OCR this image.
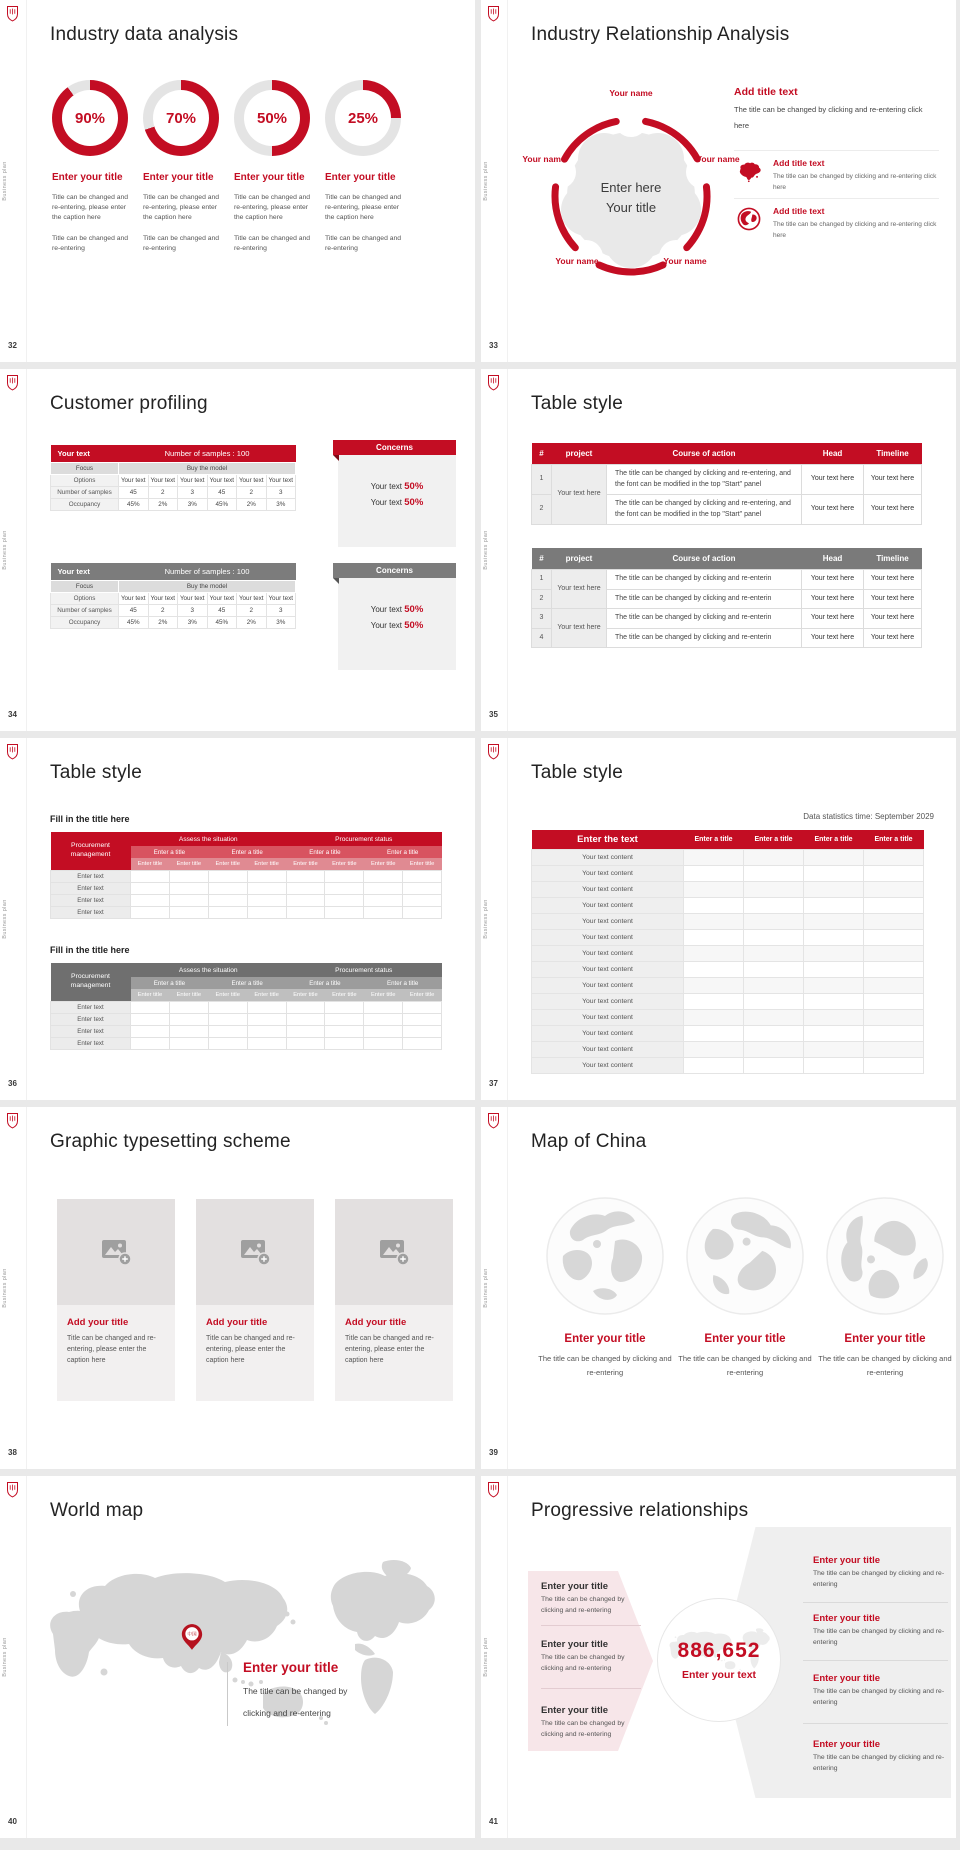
Business plan
Industry data analysis
90%
Enter your title
Title can be changed and re-entering, please enter the caption here
Title can be changed and re-entering
70%
Enter your title
Title can be changed and re-entering, please enter the caption here
Title can be changed and re-entering
50%
Enter your title
Title can be changed and re-entering, please enter the caption here
Title can be changed and re-entering
25%
Enter your title
Title can be changed and re-entering, please enter the caption here
Title can be changed and re-entering
32
Business plan
Industry Relationship Analysis
Your name
Your name
Your name
Your name
Your name
Enter here
Your title
Add title text
The title can be changed by clicking and re-entering click here
Add title text
The title can be changed by clicking and re-entering click here
Add title text
The title can be changed by clicking and re-entering click here
33
Business plan
Customer profiling
Your text	Number of samples : 100					
Focus	Buy the model					
Options	Your text	Your text	Your text	Your text	Your text	Your text
Number of samples	45	2	3	45	2	3
Occupancy	45%	2%	3%	45%	2%	3%
Your text	Number of samples : 100					
Focus	Buy the model					
Options	Your text	Your text	Your text	Your text	Your text	Your text
Number of samples	45	2	3	45	2	3
Occupancy	45%	2%	3%	45%	2%	3%
Concerns
Your text 50%
Your text 50%
Concerns
Your text 50%
Your text 50%
34
Business plan
Table style
#	project	Course of action	Head	Timeline
1	Your text here	The title can be changed by clicking and re-entering, and the font can be modified in the top "Start" panel	Your text here	Your text here
2		The title can be changed by clicking and re-entering, and the font can be modified in the top "Start" panel	Your text here	Your text here
#	project	Course of action	Head	Timeline
1	Your text here	The title can be changed by clicking and re-enterin	Your text here	Your text here
2		The title can be changed by clicking and re-enterin	Your text here	Your text here
3	Your text here	The title can be changed by clicking and re-enterin	Your text here	Your text here
4		The title can be changed by clicking and re-enterin	Your text here	Your text here
35
Business plan
Table style
Fill in the title here
Procurement management	Assess the situation				Procurement status			
	Enter a title		Enter a title		Enter a title		Enter a title	
	Enter title	Enter title	Enter title	Enter title	Enter title	Enter title	Enter title	Enter title
Enter text								
Enter text								
Enter text								
Enter text								
Fill in the title here
Procurement management	Assess the situation				Procurement status			
	Enter a title		Enter a title		Enter a title		Enter a title	
	Enter title	Enter title	Enter title	Enter title	Enter title	Enter title	Enter title	Enter title
Enter text								
Enter text								
Enter text								
Enter text								
36
Business plan
Table style
Data statistics time: September 2029
Enter the text	Enter a title	Enter a title	Enter a title	Enter a title
Your text content				
Your text content				
Your text content				
Your text content				
Your text content				
Your text content				
Your text content				
Your text content				
Your text content				
Your text content				
Your text content				
Your text content				
Your text content				
Your text content				
37
Business plan
Graphic typesetting scheme
Add your title
Title can be changed and re-entering, please enter the caption here
Add your title
Title can be changed and re-entering, please enter the caption here
Add your title
Title can be changed and re-entering, please enter the caption here
38
Business plan
Map of China
Enter your title
The title can be changed by clicking and re-entering
Enter your title
The title can be changed by clicking and re-entering
Enter your title
The title can be changed by clicking and re-entering
39
Business plan
World map
中国
Enter your title
The title can be changed by
clicking and re-entering
40
Business plan
Progressive relationships
Enter your title
The title can be changed by clicking and re-entering
Enter your title
The title can be changed by clicking and re-entering
Enter your title
The title can be changed by clicking and re-entering
886,652
Enter your text
Enter your title
The title can be changed by clicking and re-entering
Enter your title
The title can be changed by clicking and re-entering
Enter your title
The title can be changed by clicking and re-entering
Enter your title
The title can be changed by clicking and re-entering
41
